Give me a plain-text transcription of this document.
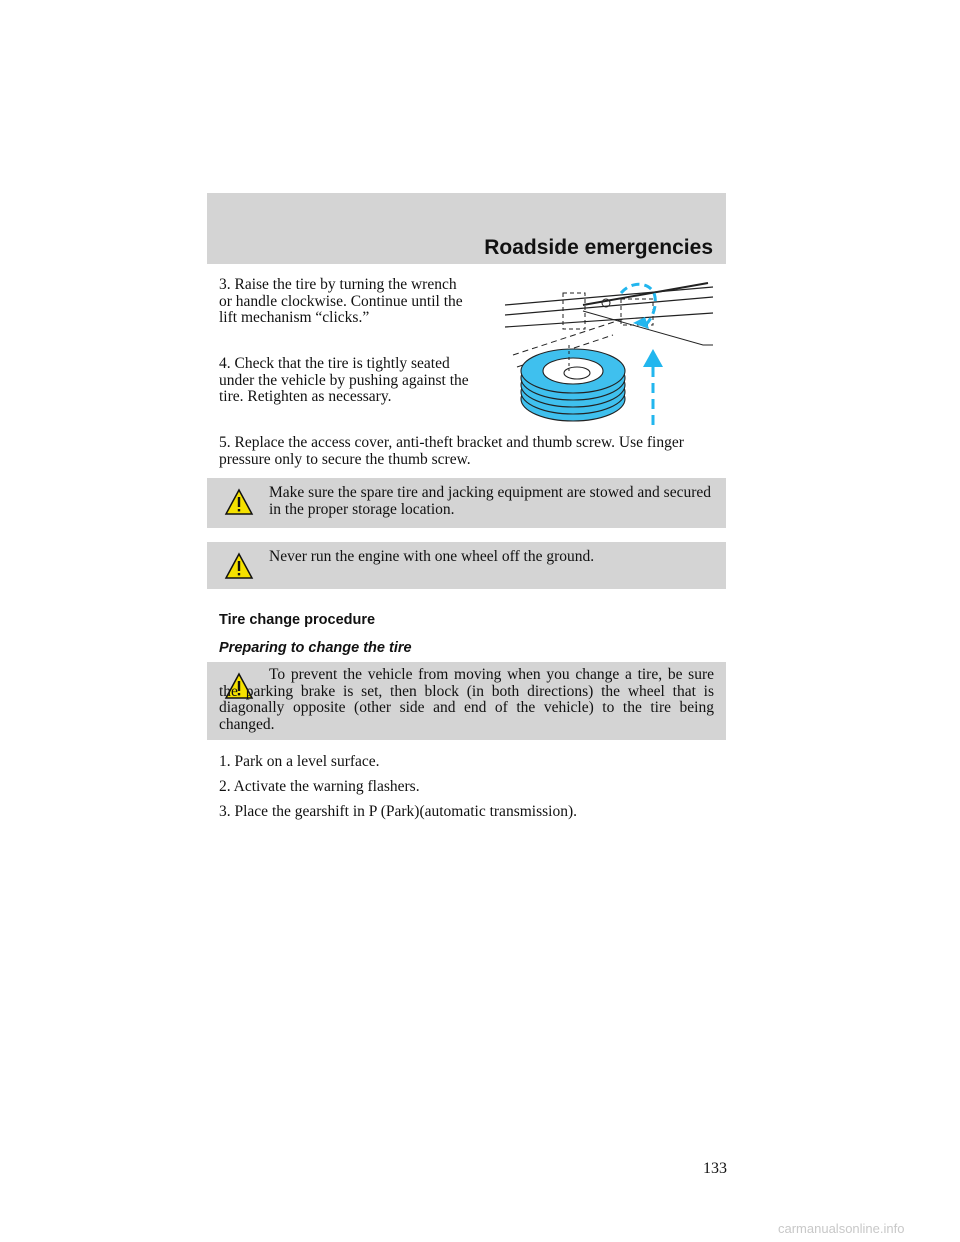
Roadside emergencies

3. Raise the tire by turning the wrench or handle clockwise. Continue until the lift mechanism “clicks.”

4. Check that the tire is tightly seated under the vehicle by pushing against the tire. Retighten as necessary.

5. Replace the access cover, anti-theft bracket and thumb screw. Use finger pressure only to secure the thumb screw.

Make sure the spare tire and jacking equipment are stowed and secured in the proper storage location.

Never run the engine with one wheel off the ground.

Tire change procedure
Preparing to change the tire

To prevent the vehicle from moving when you change a tire, be sure the parking brake is set, then block (in both directions) the wheel that is diagonally opposite (other side and end of the vehicle) to the tire being changed.

1. Park on a level surface.

2. Activate the warning flashers.

3. Place the gearshift in P (Park)(automatic transmission).

133
carmanualsonline.info
